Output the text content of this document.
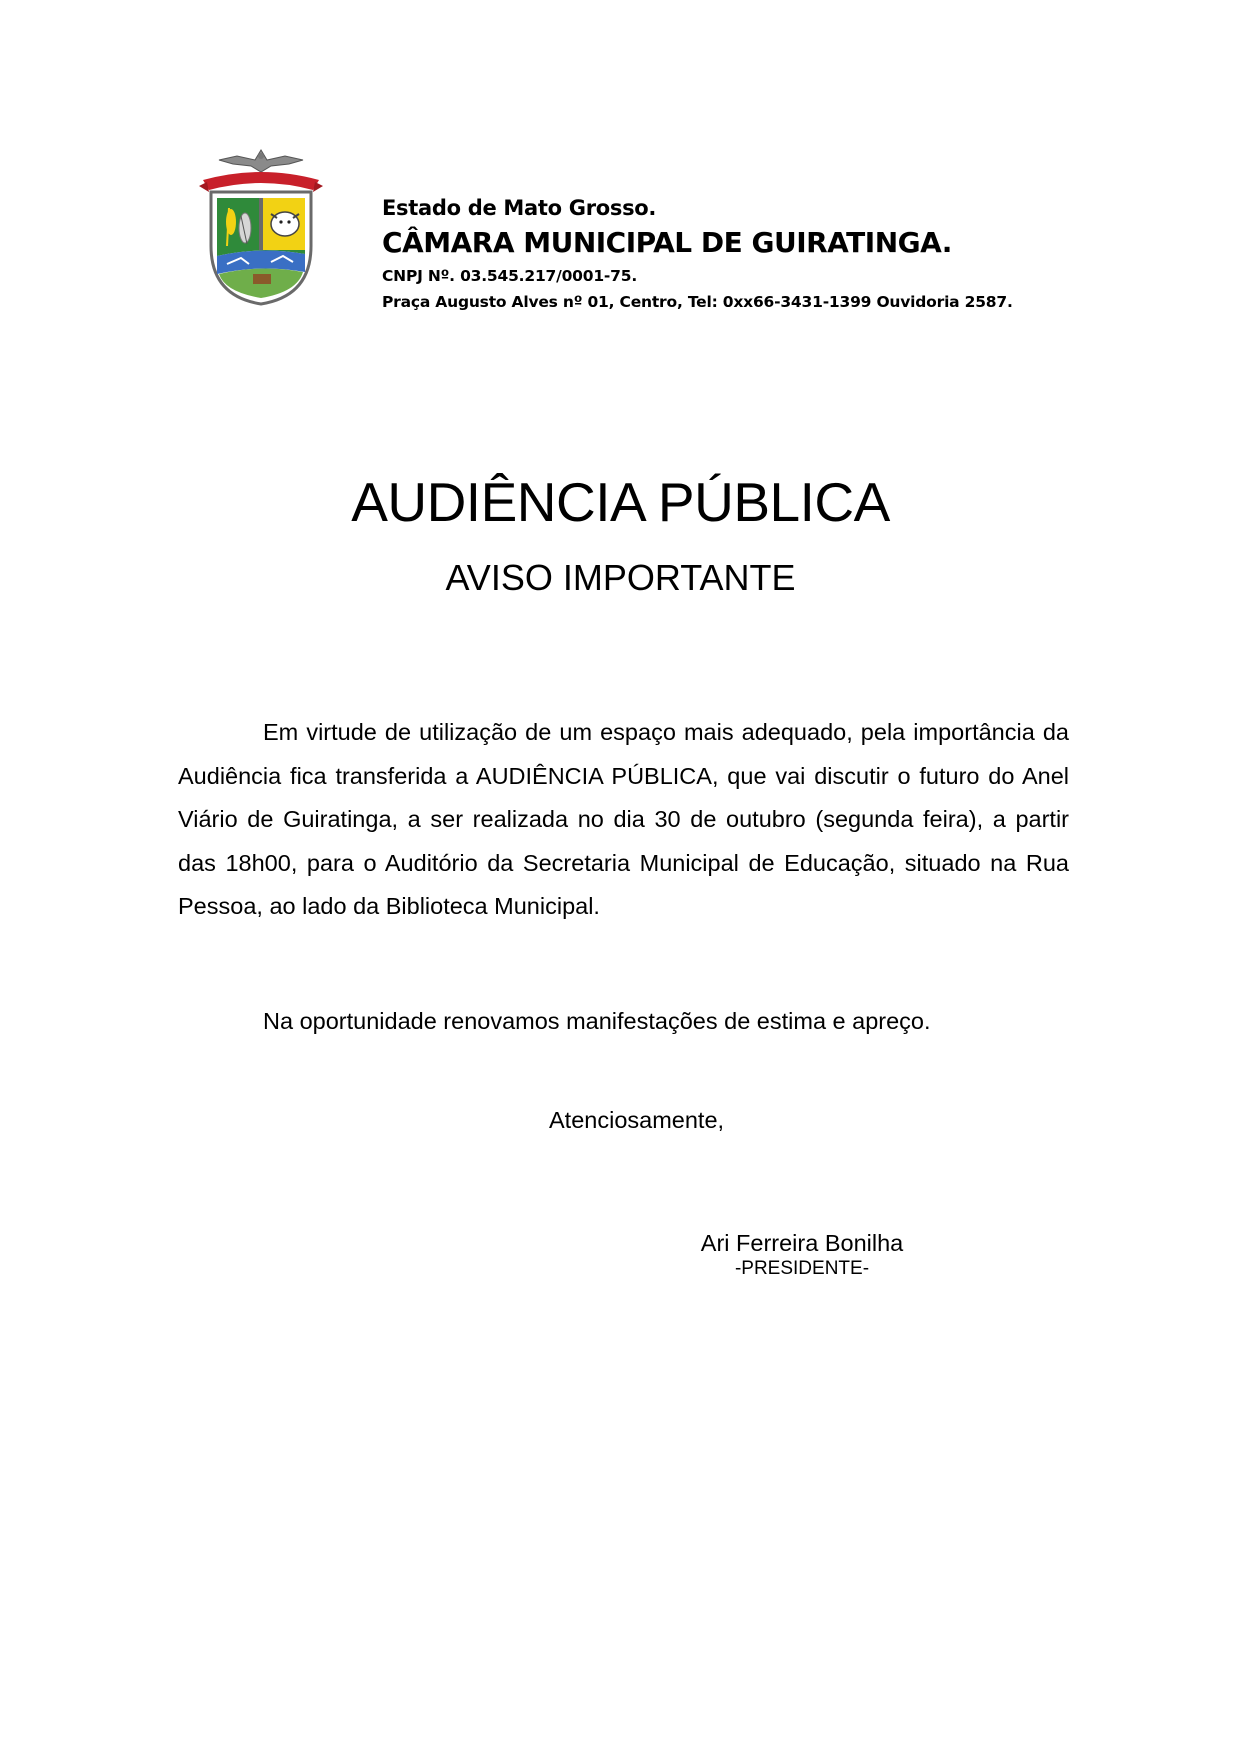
Estado de Mato Grosso.
CÂMARA MUNICIPAL DE GUIRATINGA.
CNPJ Nº. 03.545.217/0001-75.
Praça Augusto Alves nº 01, Centro, Tel: 0xx66-3431-1399 Ouvidoria 2587.
AUDIÊNCIA PÚBLICA
AVISO IMPORTANTE

Em virtude de utilização de um espaço mais adequado, pela importância da Audiência fica transferida a AUDIÊNCIA PÚBLICA, que vai discutir o futuro do Anel Viário de Guiratinga, a ser realizada no dia 30 de outubro (segunda feira), a partir das 18h00, para o Auditório da Secretaria Municipal de Educação, situado na Rua Pessoa, ao lado da Biblioteca Municipal.

Na oportunidade renovamos manifestações de estima e apreço.
Atenciosamente,
Ari Ferreira Bonilha
-PRESIDENTE-
